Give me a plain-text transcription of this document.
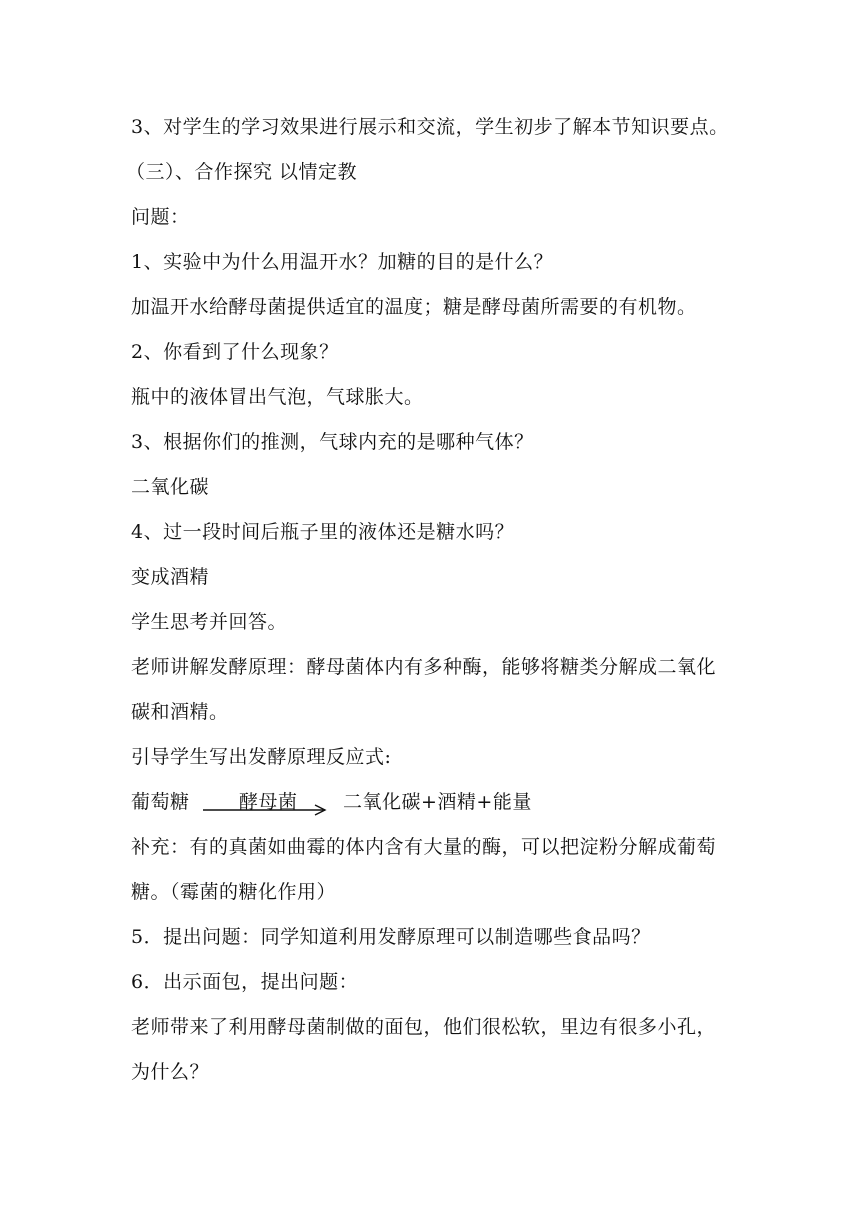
3、对学生的学习效果进行展示和交流，学生初步了解本节知识要点。
（三）、合作探究 以情定教
问题：
1、实验中为什么用温开水？加糖的目的是什么？
加温开水给酵母菌提供适宜的温度；糖是酵母菌所需要的有机物。
2、你看到了什么现象？
瓶中的液体冒出气泡，气球胀大。
3、根据你们的推测，气球内充的是哪种气体？
二氧化碳
4、过一段时间后瓶子里的液体还是糖水吗？
变成酒精
学生思考并回答。
老师讲解发酵原理：酵母菌体内有多种酶，能够将糖类分解成二氧化
碳和酒精。
引导学生写出发酵原理反应式:
葡萄糖	酵母菌 二氧化碳+酒精+能量
补充：有的真菌如曲霉的体内含有大量的酶，可以把淀粉分解成葡萄
糖。（霉菌的糖化作用）
5．提出问题：同学知道利用发酵原理可以制造哪些食品吗？
6．出示面包，提出问题：
老师带来了利用酵母菌制做的面包，他们很松软，里边有很多小孔，
为什么？
